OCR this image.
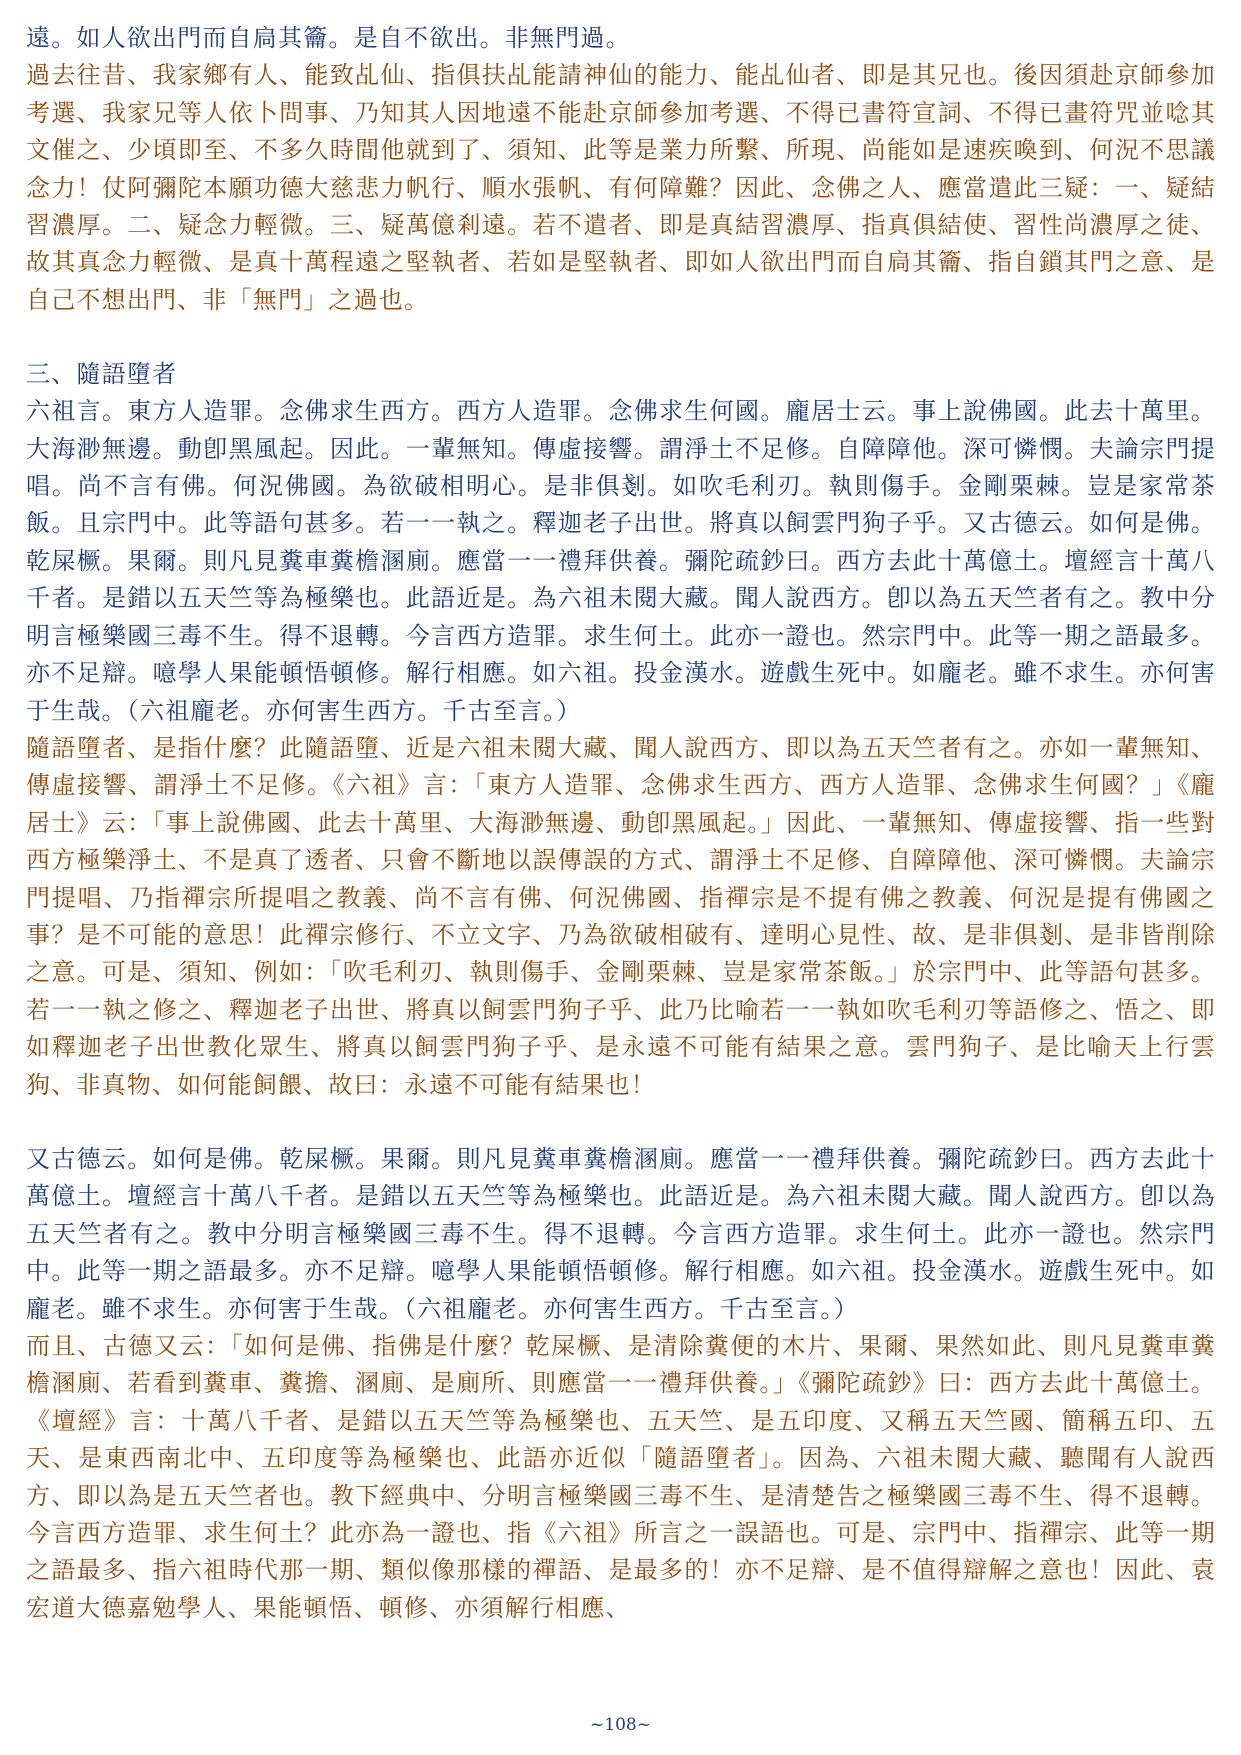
遠。如人欲出門而自扃其籥。是自不欲出。非無門過。

過去往昔、我家鄉有人、能致乩仙、指俱扶乩能請神仙的能力、能乩仙者、即是其兄也。後因須赴京師參加考選、我家兄等人依卜問事、乃知其人因地遠不能赴京師參加考選、不得已書符宣詞、不得已畫符咒並唸其文催之、少頃即至、不多久時間他就到了、須知、此等是業力所繫、所現、尚能如是速疾喚到、何況不思議念力！仗阿彌陀本願功德大慈悲力帆行、順水張帆、有何障難？因此、念佛之人、應當遣此三疑：一、疑結習濃厚。二、疑念力輕微。三、疑萬億剎遠。若不遣者、即是真結習濃厚、指真俱結使、習性尚濃厚之徒、故其真念力輕微、是真十萬程遠之堅執者、若如是堅執者、即如人欲出門而自扃其籥、指自鎖其門之意、是自己不想出門、非「無門」之過也。

三、隨語墮者

六祖言。東方人造罪。念佛求生西方。西方人造罪。念佛求生何國。龐居士云。事上說佛國。此去十萬里。大海渺無邊。動卽黑風起。因此。一輩無知。傳虛接響。謂淨土不足修。自障障他。深可憐憫。夫論宗門提唱。尚不言有佛。何況佛國。為欲破相明心。是非俱剗。如吹毛利刃。執則傷手。金剛栗棘。豈是家常茶飯。且宗門中。此等語句甚多。若一一執之。釋迦老子出世。將真以飼雲門狗子乎。又古德云。如何是佛。乾屎橛。果爾。則凡見糞車糞檐溷廁。應當一一禮拜供養。彌陀疏鈔曰。西方去此十萬億土。壇經言十萬八千者。是錯以五天竺等為極樂也。此語近是。為六祖未閱大藏。聞人說西方。卽以為五天竺者有之。教中分明言極樂國三毒不生。得不退轉。今言西方造罪。求生何土。此亦一證也。然宗門中。此等一期之語最多。亦不足辯。噫學人果能頓悟頓修。解行相應。如六祖。投金漢水。遊戲生死中。如龐老。雖不求生。亦何害于生哉。（六祖龐老。亦何害生西方。千古至言。）

隨語墮者、是指什麼？此隨語墮、近是六祖未閱大藏、聞人說西方、即以為五天竺者有之。亦如一輩無知、傳虛接響、謂淨土不足修。《六祖》言：「東方人造罪、念佛求生西方、西方人造罪、念佛求生何國？」《龐居士》云：「事上說佛國、此去十萬里、大海渺無邊、動卽黑風起。」因此、一輩無知、傳虛接響、指一些對西方極樂淨土、不是真了透者、只會不斷地以誤傳誤的方式、謂淨土不足修、自障障他、深可憐憫。夫論宗門提唱、乃指禪宗所提唱之教義、尚不言有佛、何況佛國、指禪宗是不提有佛之教義、何況是提有佛國之事？是不可能的意思！此禪宗修行、不立文字、乃為欲破相破有、達明心見性、故、是非俱剗、是非皆削除之意。可是、須知、例如：「吹毛利刃、執則傷手、金剛栗棘、豈是家常茶飯。」於宗門中、此等語句甚多。若一一執之修之、釋迦老子出世、將真以飼雲門狗子乎、此乃比喻若一一執如吹毛利刃等語修之、悟之、即如釋迦老子出世教化眾生、將真以飼雲門狗子乎、是永遠不可能有結果之意。雲門狗子、是比喻天上行雲狗、非真物、如何能飼餵、故曰：永遠不可能有結果也！

又古德云。如何是佛。乾屎橛。果爾。則凡見糞車糞檐溷廁。應當一一禮拜供養。彌陀疏鈔曰。西方去此十萬億土。壇經言十萬八千者。是錯以五天竺等為極樂也。此語近是。為六祖未閱大藏。聞人說西方。卽以為五天竺者有之。教中分明言極樂國三毒不生。得不退轉。今言西方造罪。求生何土。此亦一證也。然宗門中。此等一期之語最多。亦不足辯。噫學人果能頓悟頓修。解行相應。如六祖。投金漢水。遊戲生死中。如龐老。雖不求生。亦何害于生哉。（六祖龐老。亦何害生西方。千古至言。）

而且、古德又云：「如何是佛、指佛是什麼？乾屎橛、是清除糞便的木片、果爾、果然如此、則凡見糞車糞檐溷廁、若看到糞車、糞擔、溷廁、是廁所、則應當一一禮拜供養。」《彌陀疏鈔》曰：西方去此十萬億土。《壇經》言：十萬八千者、是錯以五天竺等為極樂也、五天竺、是五印度、又稱五天竺國、簡稱五印、五天、是東西南北中、五印度等為極樂也、此語亦近似「隨語墮者」。因為、六祖未閱大藏、聽聞有人說西方、即以為是五天竺者也。教下經典中、分明言極樂國三毒不生、是清楚告之極樂國三毒不生、得不退轉。今言西方造罪、求生何土？此亦為一證也、指《六祖》所言之一誤語也。可是、宗門中、指禪宗、此等一期之語最多、指六祖時代那一期、類似像那樣的禪語、是最多的！亦不足辯、是不值得辯解之意也！因此、袁宏道大德嘉勉學人、果能頓悟、頓修、亦須解行相應、

~108~
